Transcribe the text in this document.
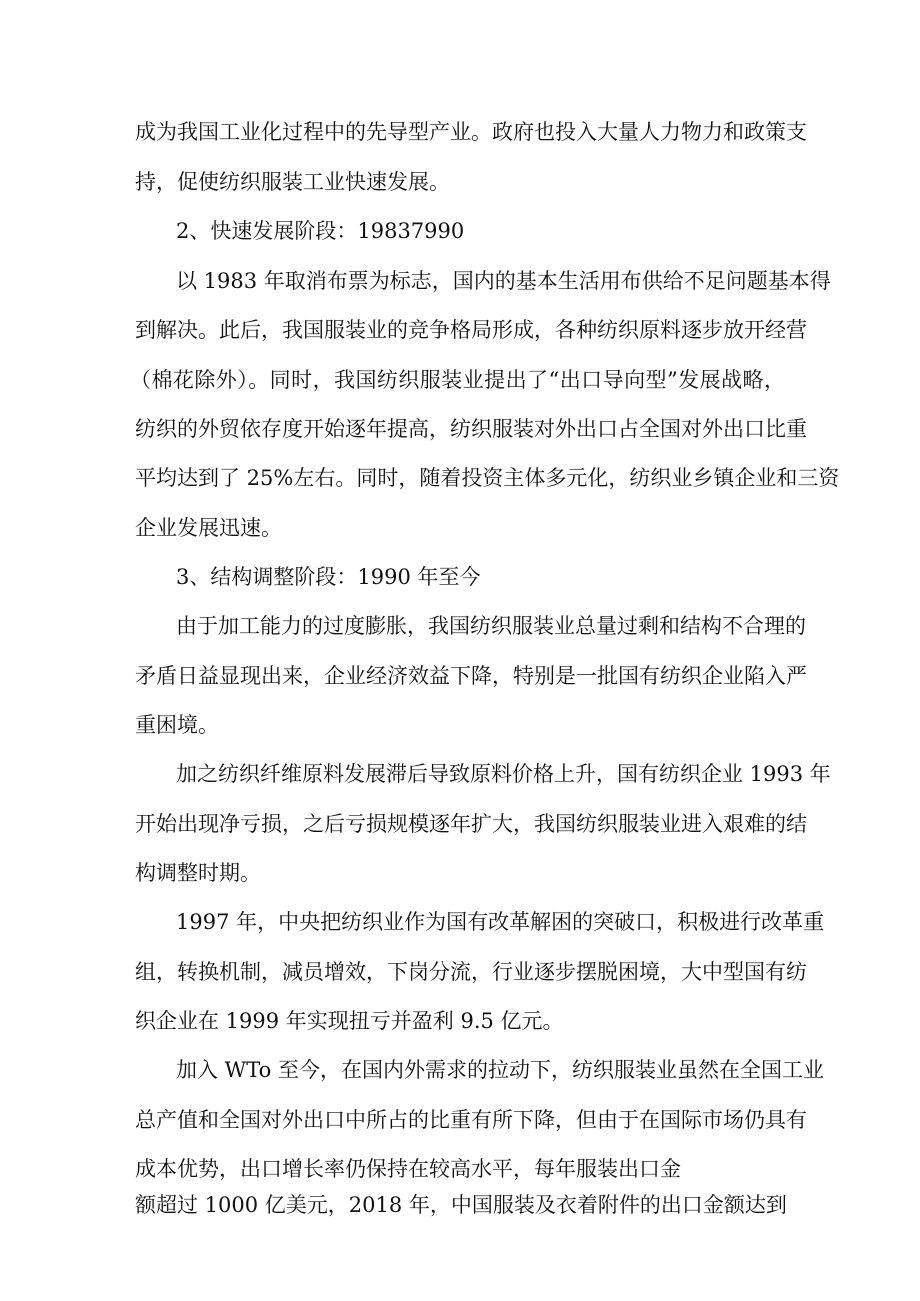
成为我国工业化过程中的先导型产业。政府也投入大量人力物力和政策支
持，促使纺织服装工业快速发展。
2、快速发展阶段：19837990
以 1983 年取消布票为标志，国内的基本生活用布供给不足问题基本得
到解决。此后，我国服装业的竞争格局形成，各种纺织原料逐步放开经营
（棉花除外）。同时，我国纺织服装业提出了“出口导向型”发展战略，
纺织的外贸依存度开始逐年提高，纺织服装对外出口占全国对外出口比重
平均达到了 25%左右。同时，随着投资主体多元化，纺织业乡镇企业和三资
企业发展迅速。
3、结构调整阶段：1990 年至今
由于加工能力的过度膨胀，我国纺织服装业总量过剩和结构不合理的
矛盾日益显现出来，企业经济效益下降，特别是一批国有纺织企业陷入严
重困境。
加之纺织纤维原料发展滞后导致原料价格上升，国有纺织企业 1993 年
开始出现净亏损，之后亏损规模逐年扩大，我国纺织服装业进入艰难的结
构调整时期。
1997 年，中央把纺织业作为国有改革解困的突破口，积极进行改革重
组，转换机制，减员增效，下岗分流，行业逐步摆脱困境，大中型国有纺
织企业在 1999 年实现扭亏并盈利 9.5 亿元。
加入 WTo 至今，在国内外需求的拉动下，纺织服装业虽然在全国工业
总产值和全国对外出口中所占的比重有所下降，但由于在国际市场仍具有
成本优势，出口增长率仍保持在较高水平，每年服装出口金
额超过 1000 亿美元，2018 年，中国服装及衣着附件的出口金额达到
